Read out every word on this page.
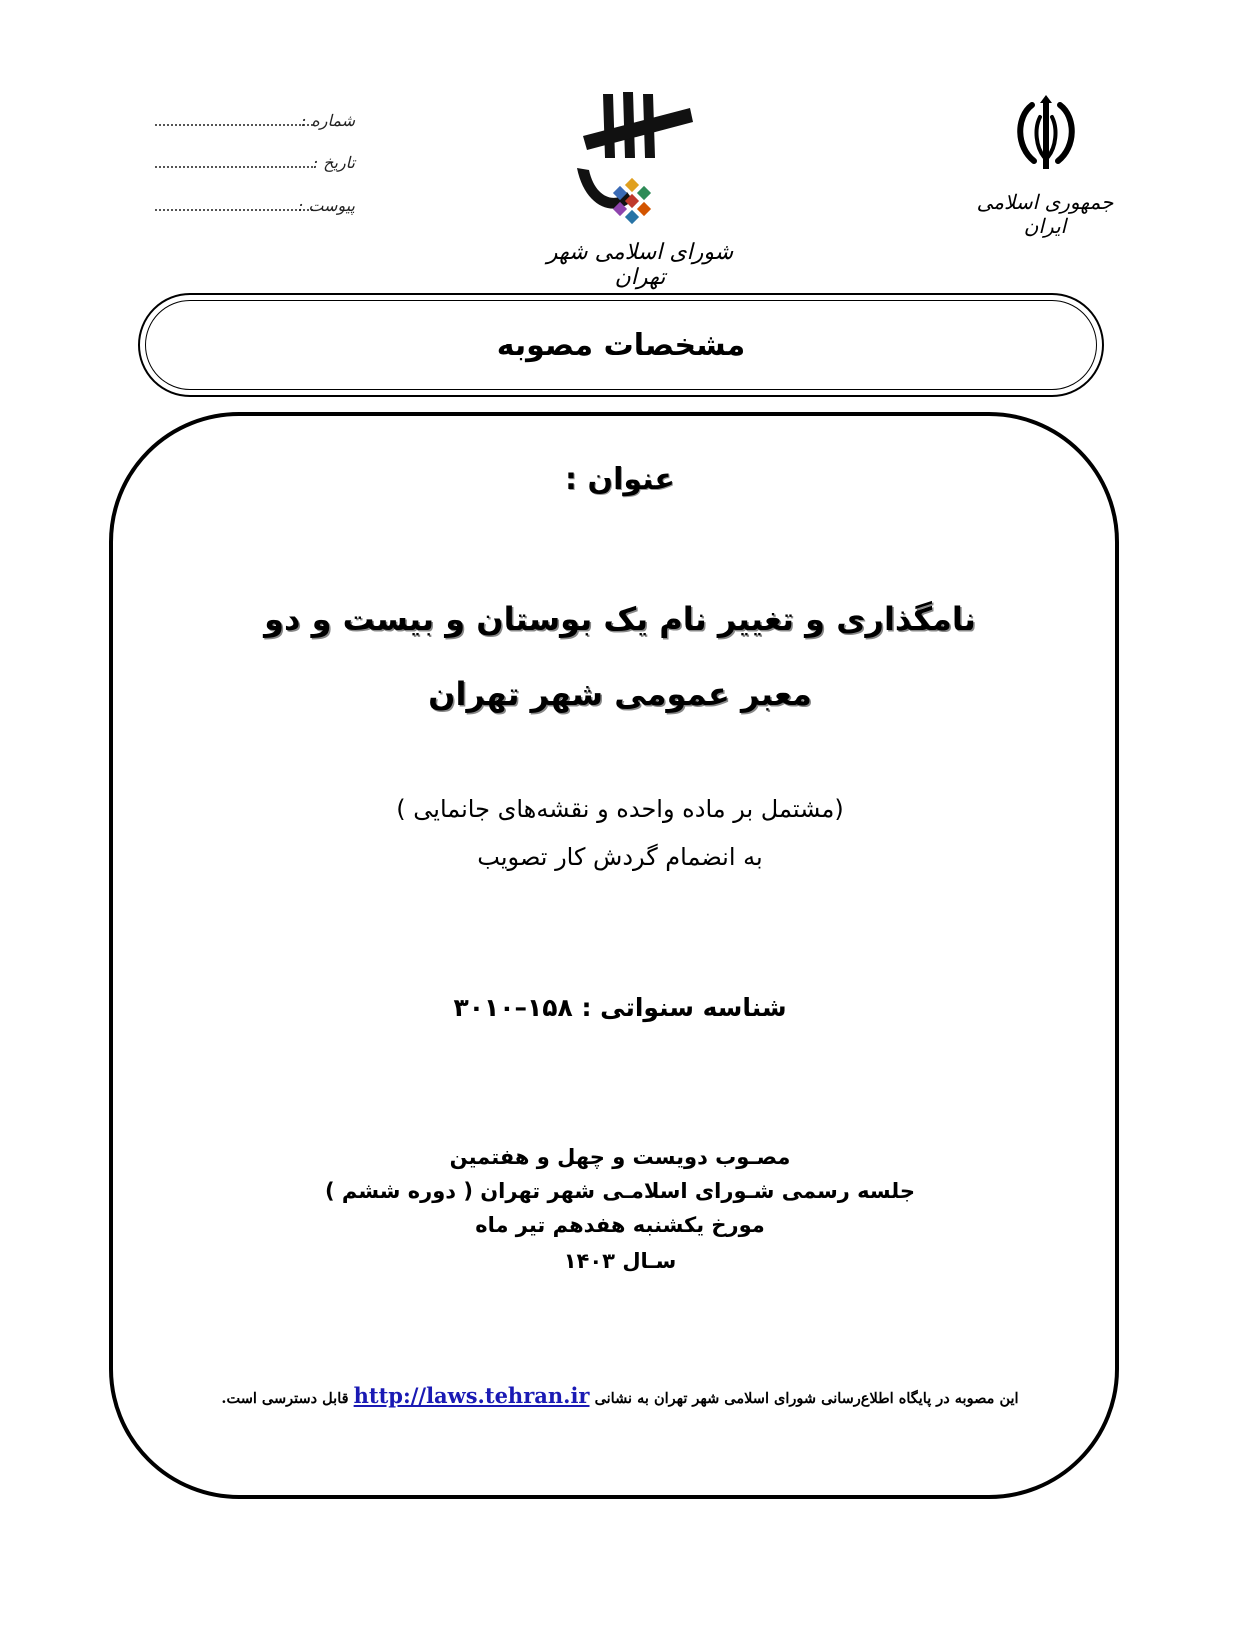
شماره :
تاریخ :
پیوست :
شورای اسلامی شهر تهران
جمهوری اسلامی ایران
مشخصات مصوبه
عنوان :
نامگذاری و تغییر نام یک بوستان و بیست و دو
معبر عمومی شهر تهران
(مشتمل بر ماده واحده و نقشه‌های جانمایی )
به انضمام گردش کار تصویب
شناسه سنواتی : ۱۵۸–۳۰۱۰
مصـوب دویست و چهل و هفتمین
جلسه رسمی شـورای اسلامـی شهر تهران ( دوره ششم )
مورخ یکشنبه هفدهم تیر ماه
سـال ۱۴۰۳
این مصوبه در پایگاه اطلاع‌رسانی شورای اسلامی شهر تهران به نشانی http://laws.tehran.ir قابل دسترسی است.
